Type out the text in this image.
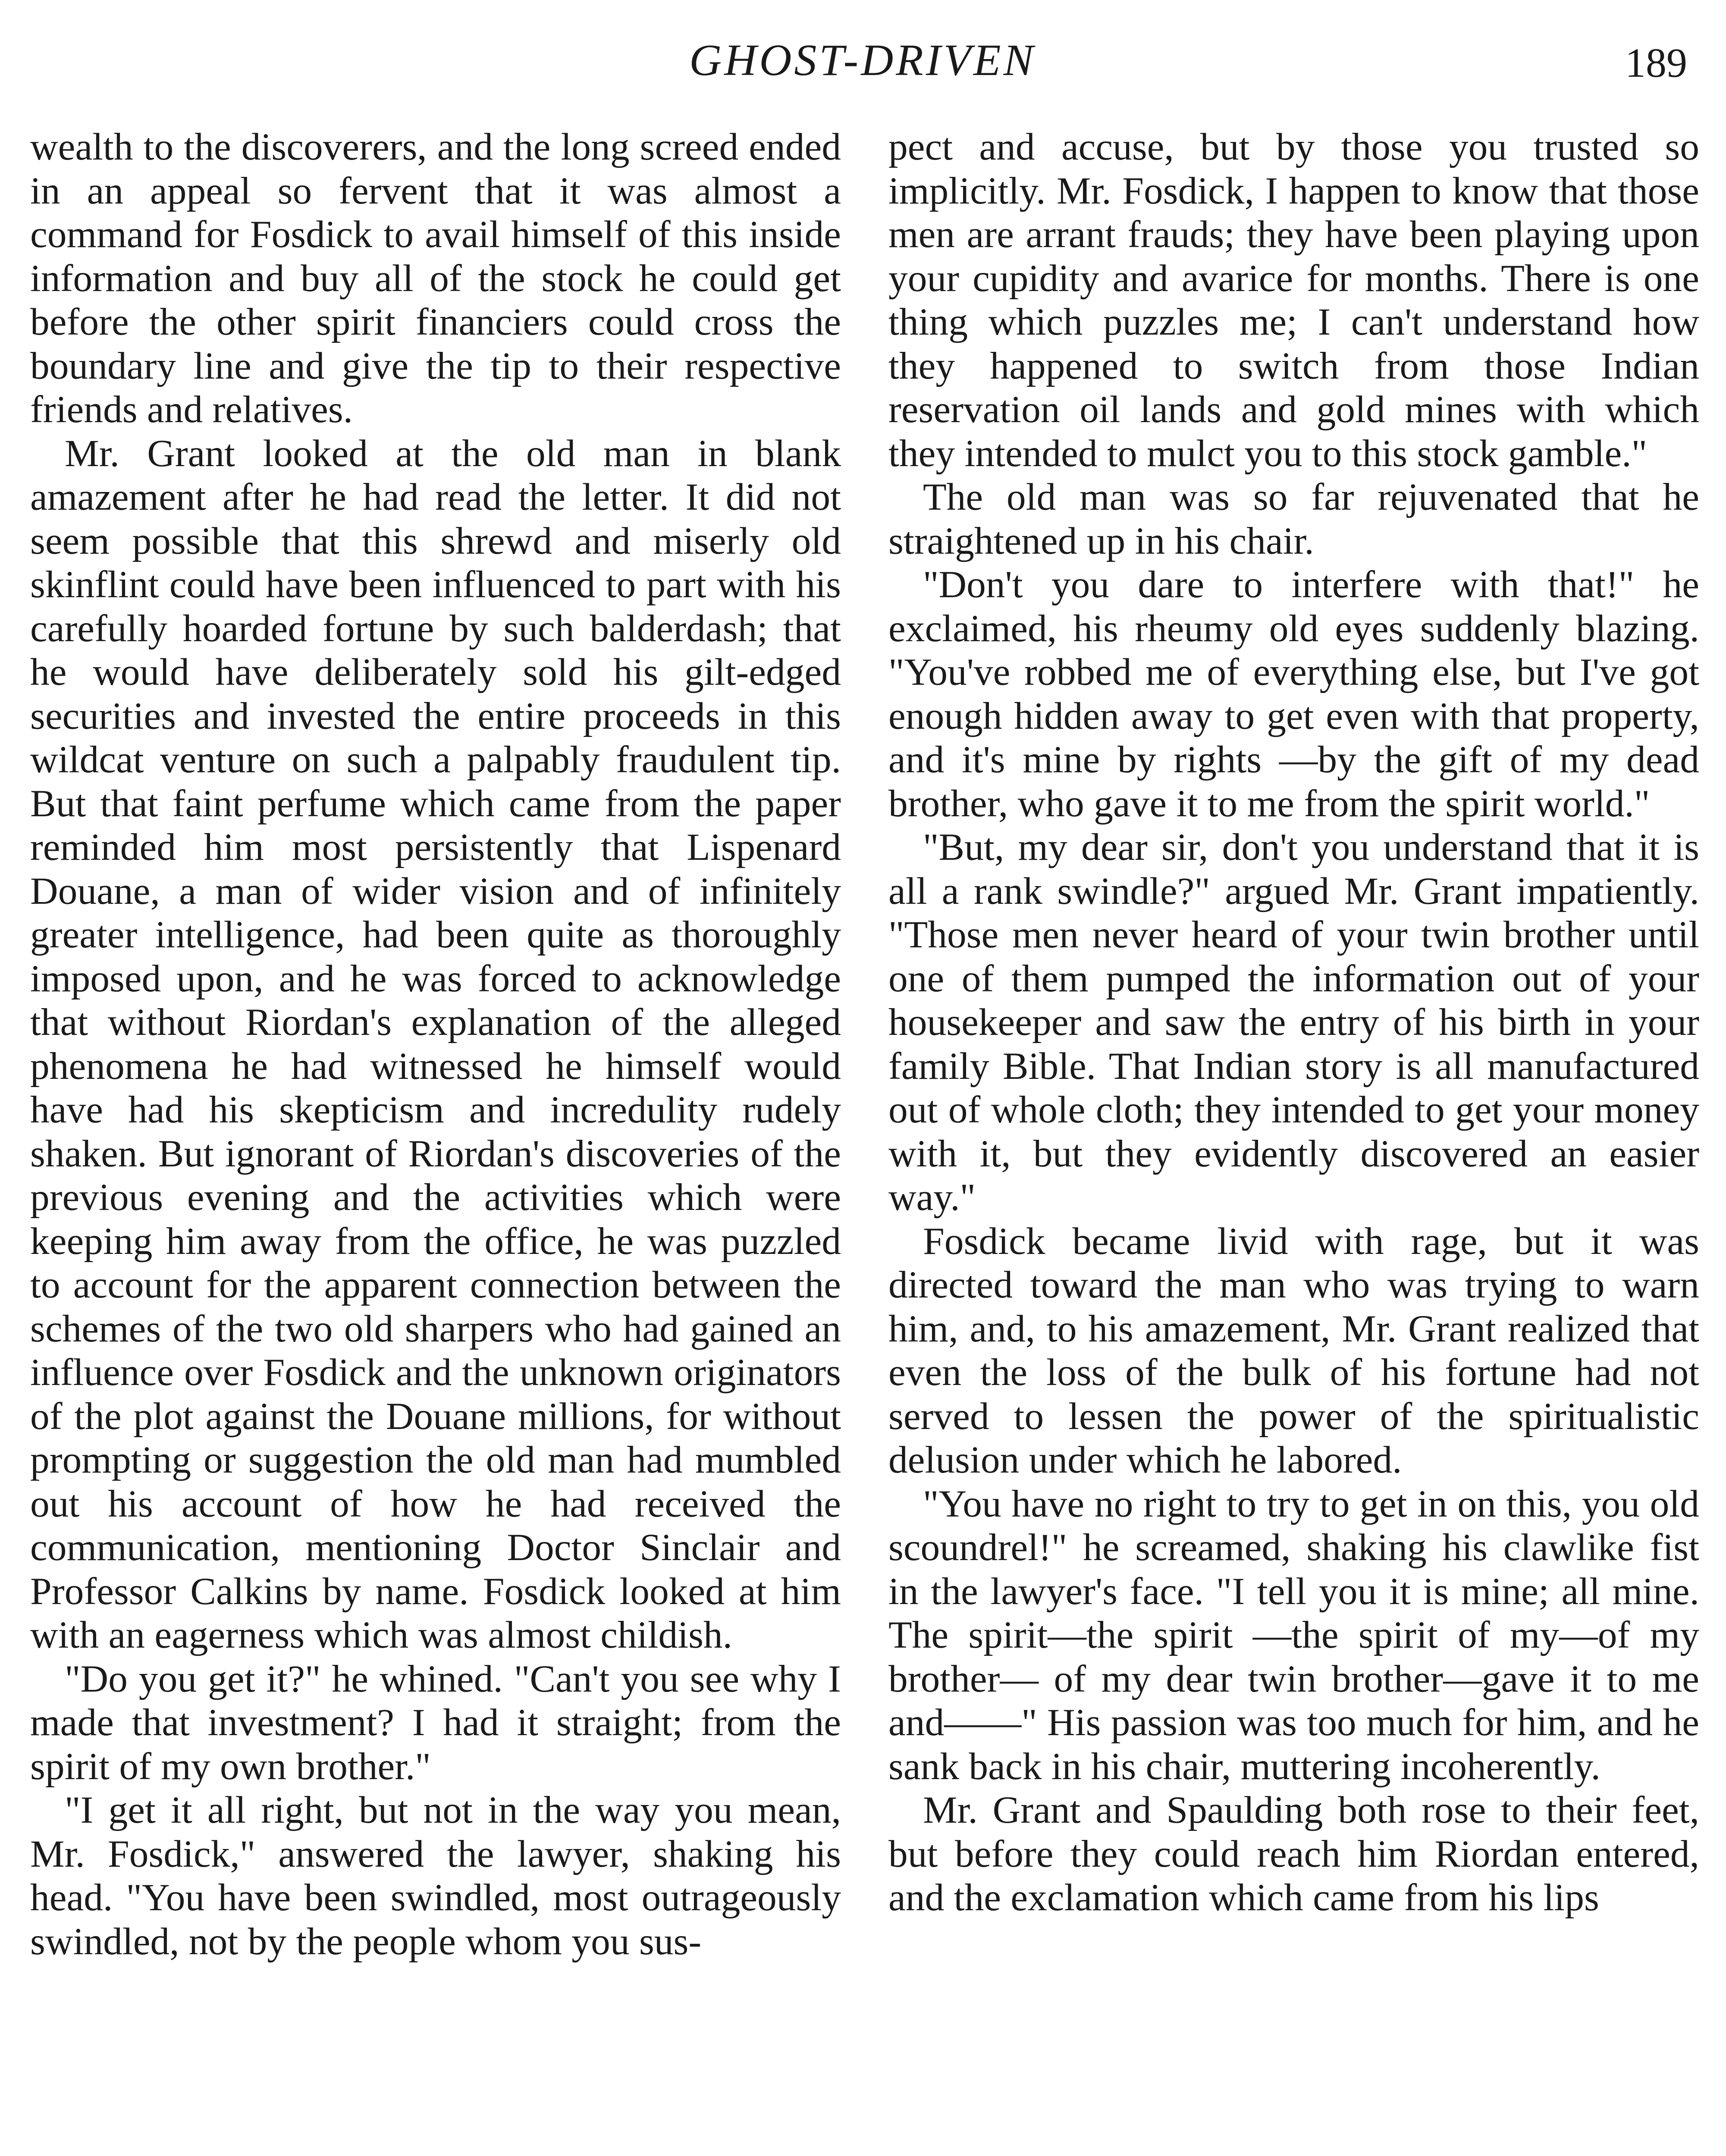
GHOST-DRIVEN	189

wealth to the discoverers, and the long screed ended in an appeal so fervent that it was almost a command for Fosdick to avail himself of this inside information and buy all of the stock he could get before the other spirit financiers could cross the boundary line and give the tip to their respective friends and relatives.

Mr. Grant looked at the old man in blank amazement after he had read the letter. It did not seem possible that this shrewd and miserly old skinflint could have been influenced to part with his carefully hoarded fortune by such balderdash; that he would have deliberately sold his gilt-edged securities and invested the entire proceeds in this wildcat venture on such a palpably fraudulent tip. But that faint perfume which came from the paper reminded him most persistently that Lispenard Douane, a man of wider vision and of infinitely greater intelligence, had been quite as thoroughly imposed upon, and he was forced to acknowledge that without Riordan's explanation of the alleged phenomena he had witnessed he himself would have had his skepticism and incredulity rudely shaken. But ignorant of Riordan's discoveries of the previous evening and the activities which were keeping him away from the office, he was puzzled to account for the apparent connection between the schemes of the two old sharpers who had gained an influence over Fosdick and the unknown originators of the plot against the Douane millions, for without prompting or suggestion the old man had mumbled out his account of how he had received the communication, mentioning Doctor Sinclair and Professor Calkins by name. Fosdick looked at him with an eagerness which was almost childish.

"Do you get it?" he whined. "Can't you see why I made that investment? I had it straight; from the spirit of my own brother."

"I get it all right, but not in the way you mean, Mr. Fosdick," answered the lawyer, shaking his head. "You have been swindled, most outrageously swindled, not by the people whom you sus-

pect and accuse, but by those you trusted so implicitly. Mr. Fosdick, I happen to know that those men are arrant frauds; they have been playing upon your cupidity and avarice for months. There is one thing which puzzles me; I can't understand how they happened to switch from those Indian reservation oil lands and gold mines with which they intended to mulct you to this stock gamble."

The old man was so far rejuvenated that he straightened up in his chair.

"Don't you dare to interfere with that!" he exclaimed, his rheumy old eyes suddenly blazing. "You've robbed me of everything else, but I've got enough hidden away to get even with that property, and it's mine by rights —by the gift of my dead brother, who gave it to me from the spirit world."

"But, my dear sir, don't you understand that it is all a rank swindle?" argued Mr. Grant impatiently. "Those men never heard of your twin brother until one of them pumped the information out of your housekeeper and saw the entry of his birth in your family Bible. That Indian story is all manufactured out of whole cloth; they intended to get your money with it, but they evidently discovered an easier way."

Fosdick became livid with rage, but it was directed toward the man who was trying to warn him, and, to his amazement, Mr. Grant realized that even the loss of the bulk of his fortune had not served to lessen the power of the spiritualistic delusion under which he labored.

"You have no right to try to get in on this, you old scoundrel!" he screamed, shaking his clawlike fist in the lawyer's face. "I tell you it is mine; all mine. The spirit—the spirit —the spirit of my—of my brother— of my dear twin brother—gave it to me and——" His passion was too much for him, and he sank back in his chair, muttering incoherently.

Mr. Grant and Spaulding both rose to their feet, but before they could reach him Riordan entered, and the exclamation which came from his lips
